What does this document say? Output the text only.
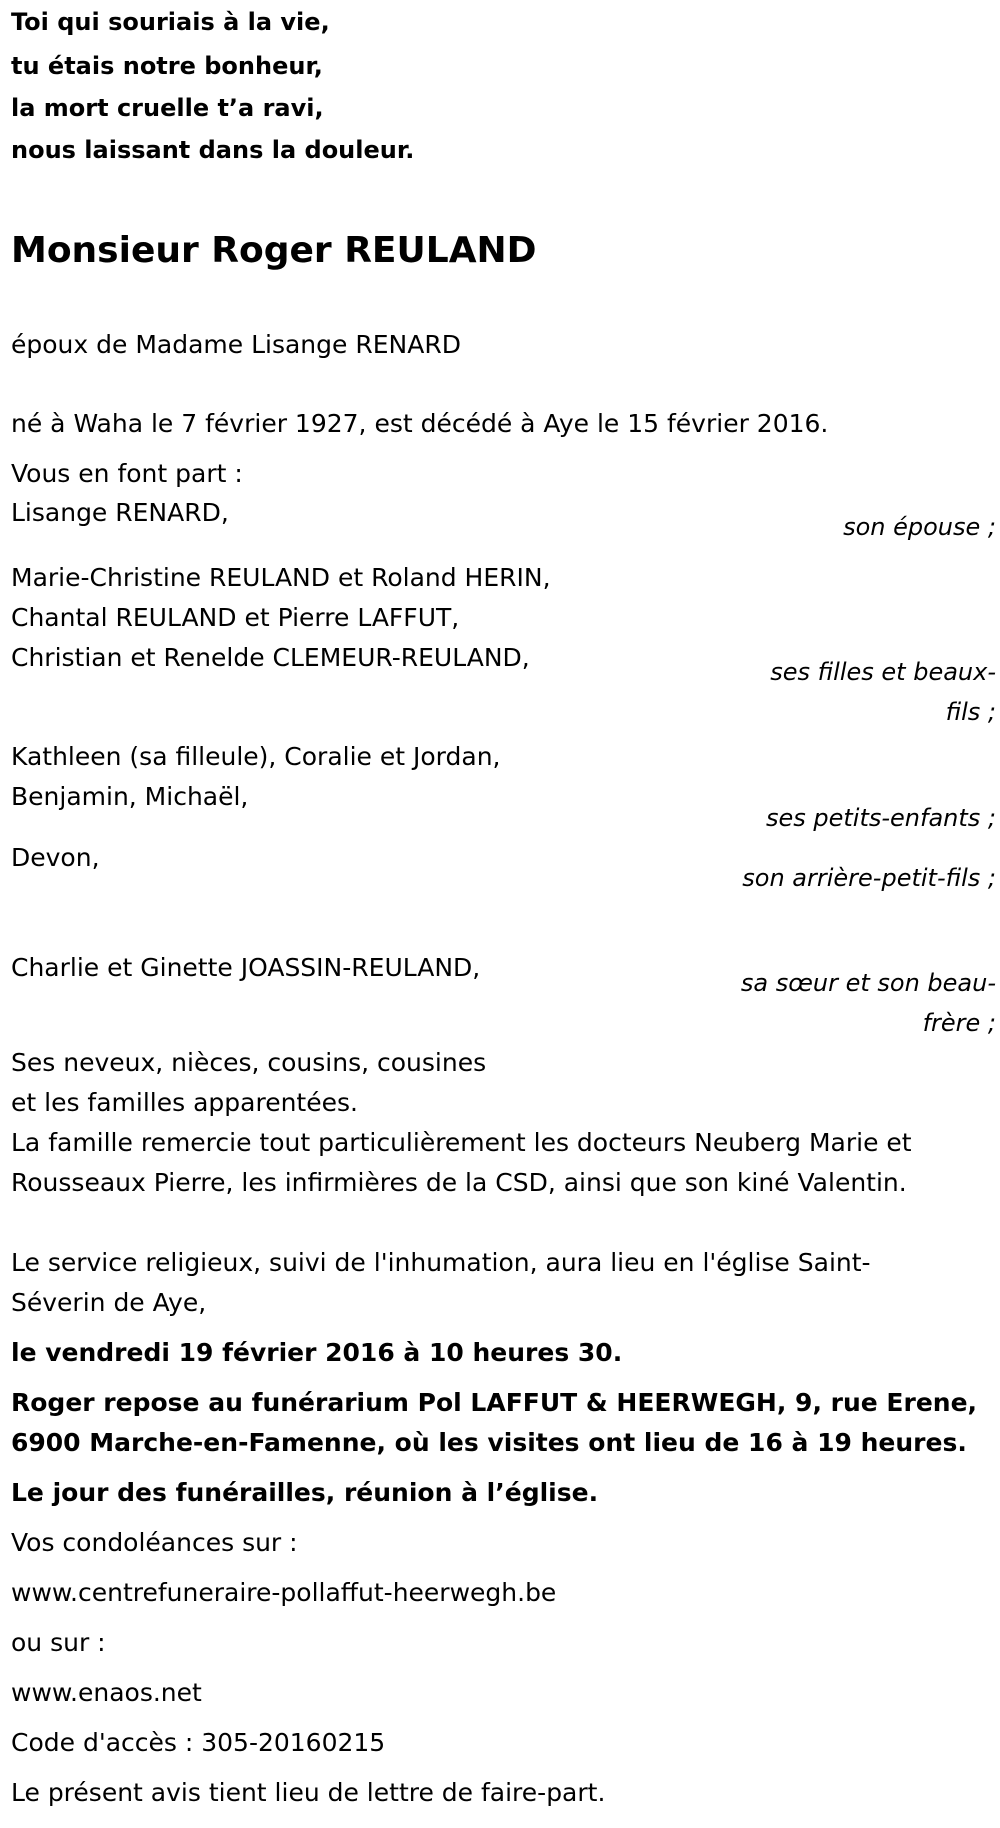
Toi qui souriais à la vie,
tu étais notre bonheur,
la mort cruelle t’a ravi,
nous laissant dans la douleur.
Monsieur Roger REULAND
époux de Madame Lisange RENARD
né à Waha le 7 février 1927, est décédé à Aye le 15 février 2016.
Vous en font part :
Lisange RENARD,	son épouse ;
Marie-Christine REULAND et Roland HERIN,
Chantal REULAND et Pierre LAFFUT,
Christian et Renelde CLEMEUR-REULAND,	ses filles et beaux-fils ;
Kathleen (sa filleule), Coralie et Jordan,
Benjamin, Michaël,
ses petits-enfants ;
Devon,
son arrière-petit-fils ;
Charlie et Ginette JOASSIN-REULAND,
sa sœur et son beau-frère ;
Ses neveux, nièces, cousins, cousines
et les familles apparentées.
La famille remercie tout particulièrement les docteurs Neuberg Marie et
Rousseaux Pierre, les infirmières de la CSD, ainsi que son kiné Valentin.
Le service religieux, suivi de l'inhumation, aura lieu en l'église Saint-
Séverin de Aye,
le vendredi 19 février 2016 à 10 heures 30.
Roger repose au funérarium Pol LAFFUT & HEERWEGH, 9, rue Erene,
6900 Marche-en-Famenne, où les visites ont lieu de 16 à 19 heures.
Le jour des funérailles, réunion à l’église.
Vos condoléances sur :
www.centrefuneraire-pollaffut-heerwegh.be
ou sur :
www.enaos.net
Code d'accès : 305-20160215
Le présent avis tient lieu de lettre de faire-part.
